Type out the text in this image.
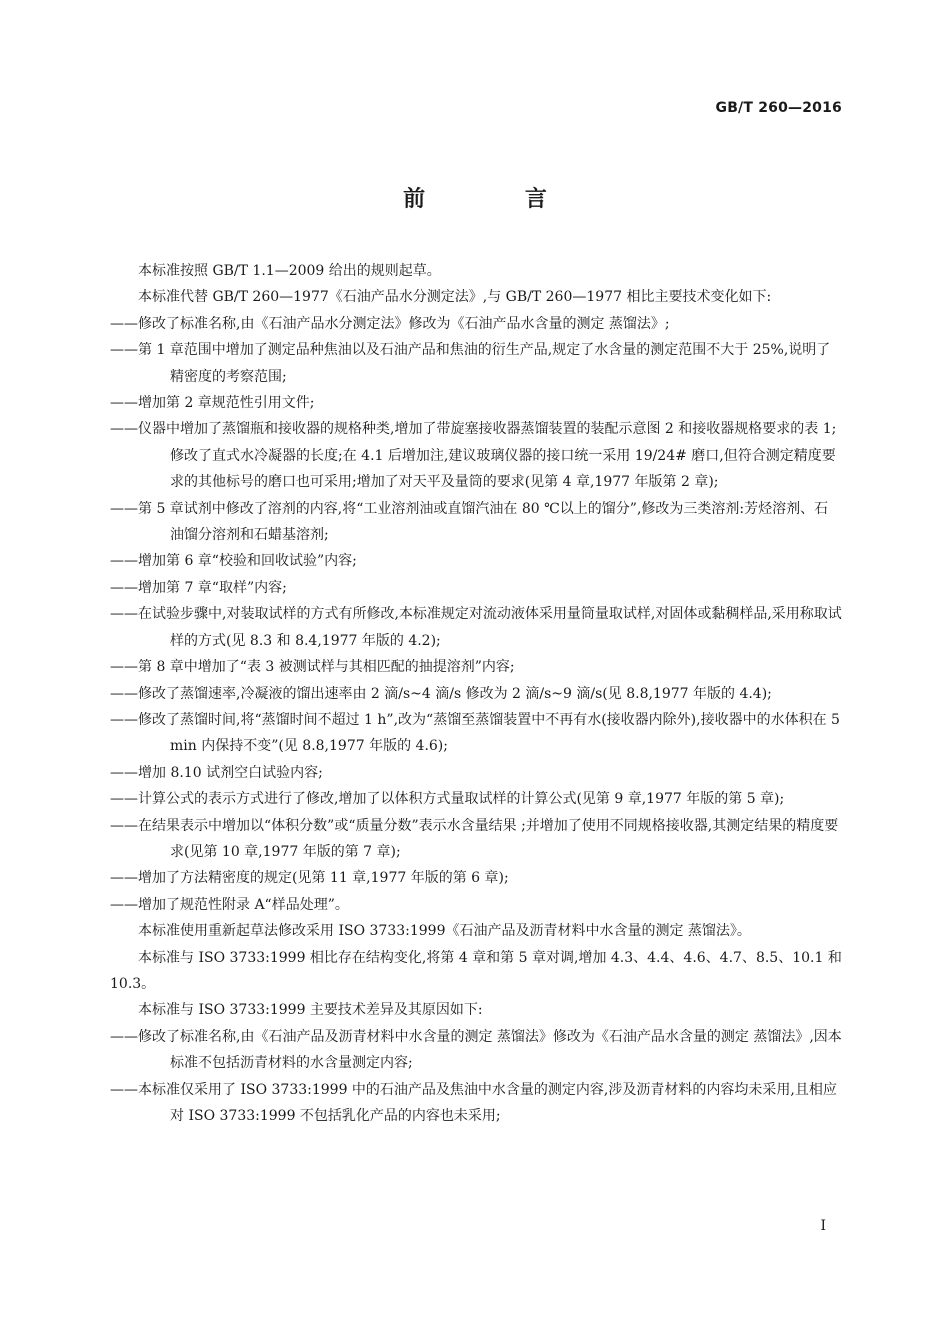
GB/T 260—2016
前 言

本标准按照 GB/T 1.1—2009 给出的规则起草。

本标准代替 GB/T 260—1977《石油产品水分测定法》,与 GB/T 260—1977 相比主要技术变化如下:

——修改了标准名称,由《石油产品水分测定法》修改为《石油产品水含量的测定 蒸馏法》;

——第 1 章范围中增加了测定品种焦油以及石油产品和焦油的衍生产品,规定了水含量的测定范围不大于 25%,说明了精密度的考察范围;

——增加第 2 章规范性引用文件;

——仪器中增加了蒸馏瓶和接收器的规格种类,增加了带旋塞接收器蒸馏装置的装配示意图 2 和接收器规格要求的表 1;修改了直式水冷凝器的长度;在 4.1 后增加注,建议玻璃仪器的接口统一采用 19/24# 磨口,但符合测定精度要求的其他标号的磨口也可采用;增加了对天平及量筒的要求(见第 4 章,1977 年版第 2 章);

——第 5 章试剂中修改了溶剂的内容,将“工业溶剂油或直馏汽油在 80 ℃以上的馏分”,修改为三类溶剂:芳烃溶剂、石油馏分溶剂和石蜡基溶剂;

——增加第 6 章“校验和回收试验”内容;

——增加第 7 章“取样”内容;

——在试验步骤中,对装取试样的方式有所修改,本标准规定对流动液体采用量筒量取试样,对固体或黏稠样品,采用称取试样的方式(见 8.3 和 8.4,1977 年版的 4.2);

——第 8 章中增加了“表 3 被测试样与其相匹配的抽提溶剂”内容;

——修改了蒸馏速率,冷凝液的馏出速率由 2 滴/s~4 滴/s 修改为 2 滴/s~9 滴/s(见 8.8,1977 年版的 4.4);

——修改了蒸馏时间,将“蒸馏时间不超过 1 h”,改为“蒸馏至蒸馏装置中不再有水(接收器内除外),接收器中的水体积在 5 min 内保持不变”(见 8.8,1977 年版的 4.6);

——增加 8.10 试剂空白试验内容;

——计算公式的表示方式进行了修改,增加了以体积方式量取试样的计算公式(见第 9 章,1977 年版的第 5 章);

——在结果表示中增加以“体积分数”或“质量分数”表示水含量结果 ;并增加了使用不同规格接收器,其测定结果的精度要求(见第 10 章,1977 年版的第 7 章);

——增加了方法精密度的规定(见第 11 章,1977 年版的第 6 章);

——增加了规范性附录 A“样品处理”。

本标准使用重新起草法修改采用 ISO 3733:1999《石油产品及沥青材料中水含量的测定 蒸馏法》。

本标准与 ISO 3733:1999 相比存在结构变化,将第 4 章和第 5 章对调,增加 4.3、4.4、4.6、4.7、8.5、10.1 和 10.3。

本标准与 ISO 3733:1999 主要技术差异及其原因如下:

——修改了标准名称,由《石油产品及沥青材料中水含量的测定 蒸馏法》修改为《石油产品水含量的测定 蒸馏法》,因本标准不包括沥青材料的水含量测定内容;

——本标准仅采用了 ISO 3733:1999 中的石油产品及焦油中水含量的测定内容,涉及沥青材料的内容均未采用,且相应对 ISO 3733:1999 不包括乳化产品的内容也未采用;

I
